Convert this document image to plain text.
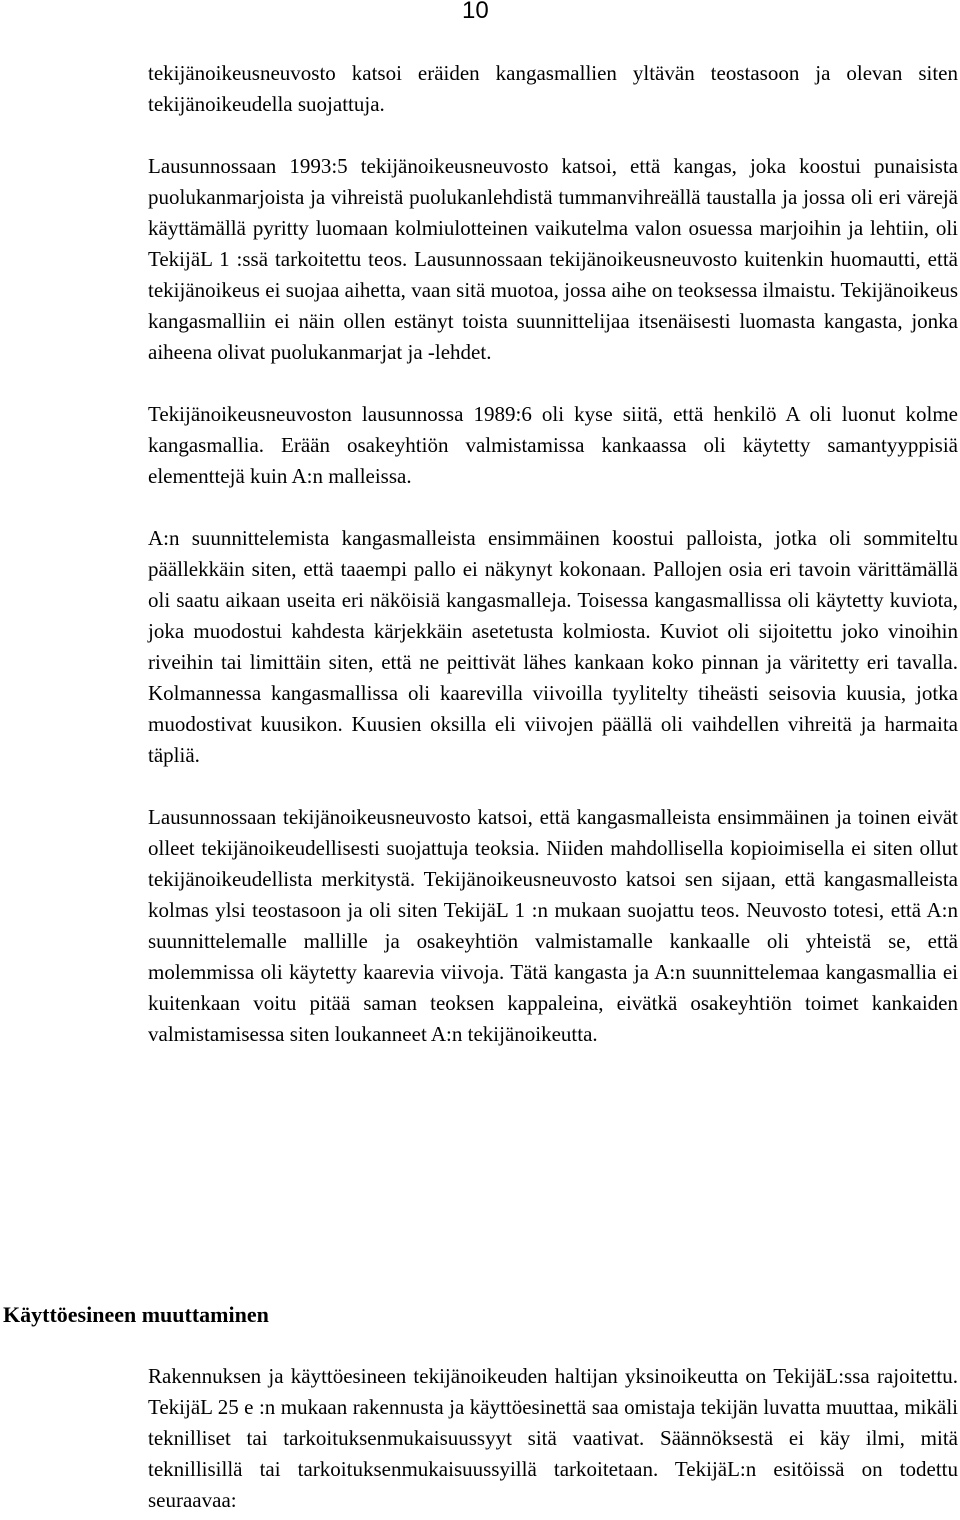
10

tekijänoikeusneuvosto katsoi eräiden kangasmallien yltävän teostasoon ja olevan siten tekijänoikeudella suojattuja.

Lausunnossaan 1993:5 tekijänoikeusneuvosto katsoi, että kangas, joka koostui punaisista puolukanmarjoista ja vihreistä puolukanlehdistä tummanvihreällä taustalla ja jossa oli eri värejä käyttämällä pyritty luomaan kolmiulotteinen vaikutelma valon osuessa marjoihin ja lehtiin, oli TekijäL 1 :ssä tarkoitettu teos. Lausunnossaan tekijänoikeusneuvosto kuitenkin huomautti, että tekijänoikeus ei suojaa aihetta, vaan sitä muotoa, jossa aihe on teoksessa ilmaistu. Tekijänoikeus kangasmalliin ei näin ollen estänyt toista suunnittelijaa itsenäisesti luomasta kangasta, jonka aiheena olivat puolukanmarjat ja -lehdet.

Tekijänoikeusneuvoston lausunnossa 1989:6 oli kyse siitä, että henkilö A oli luonut kolme kangasmallia. Erään osakeyhtiön valmistamissa kankaassa oli käytetty samantyyppisiä elementtejä kuin A:n malleissa.

A:n suunnittelemista kangasmalleista ensimmäinen koostui palloista, jotka oli sommiteltu päällekkäin siten, että taaempi pallo ei näkynyt kokonaan. Pallojen osia eri tavoin värittämällä oli saatu aikaan useita eri näköisiä kangasmalleja. Toisessa kangasmallissa oli käytetty kuviota, joka muodostui kahdesta kärjekkäin asetetusta kolmiosta. Kuviot oli sijoitettu joko vinoihin riveihin tai limittäin siten, että ne peittivät lähes kankaan koko pinnan ja väritetty eri tavalla. Kolmannessa kangasmallissa oli kaarevilla viivoilla tyylitelty tiheästi seisovia kuusia, jotka muodostivat kuusikon. Kuusien oksilla eli viivojen päällä oli vaihdellen vihreitä ja harmaita täpliä.

Lausunnossaan tekijänoikeusneuvosto katsoi, että kangasmalleista ensimmäinen ja toinen eivät olleet tekijänoikeudellisesti suojattuja teoksia. Niiden mahdollisella kopioimisella ei siten ollut tekijänoikeudellista merkitystä. Tekijänoikeusneuvosto katsoi sen sijaan, että kangasmalleista kolmas ylsi teostasoon ja oli siten TekijäL 1 :n mukaan suojattu teos. Neuvosto totesi, että A:n suunnittelemalle mallille ja osakeyhtiön valmistamalle kankaalle oli yhteistä se, että molemmissa oli käytetty kaarevia viivoja. Tätä kangasta ja A:n suunnittelemaa kangasmallia ei kuitenkaan voitu pitää saman teoksen kappaleina, eivätkä osakeyhtiön toimet kankaiden valmistamisessa siten loukanneet A:n tekijänoikeutta.

Käyttöesineen muuttaminen

Rakennuksen ja käyttöesineen tekijänoikeuden haltijan yksinoikeutta on TekijäL:ssa rajoitettu. TekijäL 25 e :n mukaan rakennusta ja käyttöesinettä saa omistaja tekijän luvatta muuttaa, mikäli teknilliset tai tarkoituksenmukaisuussyyt sitä vaativat. Säännöksestä ei käy ilmi, mitä teknillisillä tai tarkoituksenmukaisuussyillä tarkoitetaan. TekijäL:n esitöissä on todettu seuraavaa:
